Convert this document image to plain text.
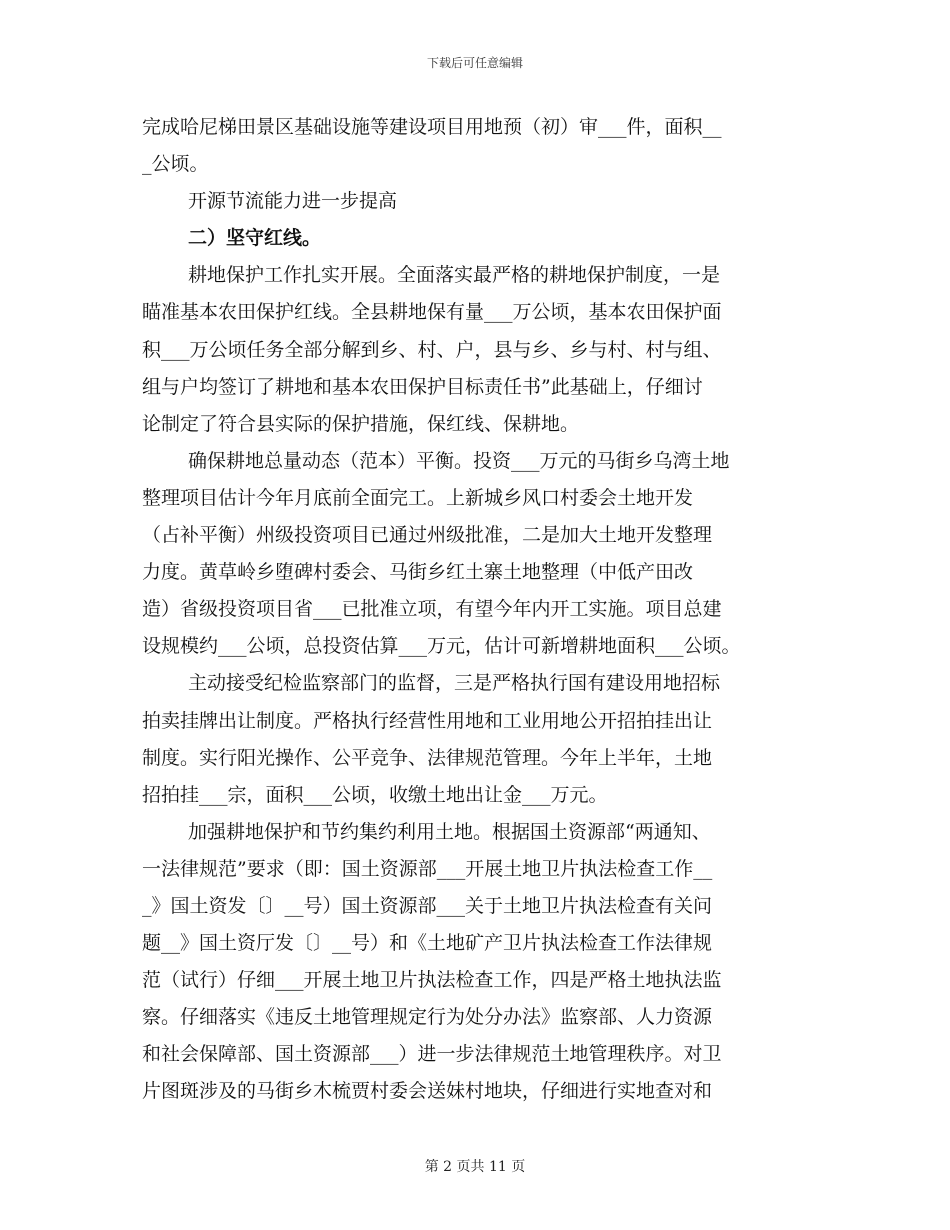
下载后可任意编辑
完成哈尼梯田景区基础设施等建设项目用地预（初）审___件，面积__
_公顷。
开源节流能力进一步提高
二）坚守红线。
耕地保护工作扎实开展。全面落实最严格的耕地保护制度，一是
瞄准基本农田保护红线。全县耕地保有量___万公顷，基本农田保护面
积___万公顷任务全部分解到乡、村、户，县与乡、乡与村、村与组、
组与户均签订了耕地和基本农田保护目标责任书”此基础上，仔细讨
论制定了符合县实际的保护措施，保红线、保耕地。
确保耕地总量动态（范本）平衡。投资___万元的马街乡乌湾土地
整理项目估计今年月底前全面完工。上新城乡风口村委会土地开发
（占补平衡）州级投资项目已通过州级批准，二是加大土地开发整理
力度。黄草岭乡堕碑村委会、马街乡红土寨土地整理（中低产田改
造）省级投资项目省___已批准立项，有望今年内开工实施。项目总建
设规模约___公顷，总投资估算___万元，估计可新增耕地面积___公顷。
主动接受纪检监察部门的监督，三是严格执行国有建设用地招标
拍卖挂牌出让制度。严格执行经营性用地和工业用地公开招拍挂出让
制度。实行阳光操作、公平竞争、法律规范管理。今年上半年，土地
招拍挂___宗，面积___公顷，收缴土地出让金___万元。
加强耕地保护和节约集约利用土地。根据国土资源部“两通知、
一法律规范”要求（即：国土资源部___开展土地卫片执法检查工作__
_》国土资发〔〕__号）国土资源部___关于土地卫片执法检查有关问
题__》国土资厅发〔〕__号）和《土地矿产卫片执法检查工作法律规
范（试行）仔细___开展土地卫片执法检查工作，四是严格土地执法监
察。仔细落实《违反土地管理规定行为处分办法》监察部、人力资源
和社会保障部、国土资源部___）进一步法律规范土地管理秩序。对卫
片图斑涉及的马街乡木梳贾村委会送妹村地块，仔细进行实地查对和
第 2 页共 11 页
